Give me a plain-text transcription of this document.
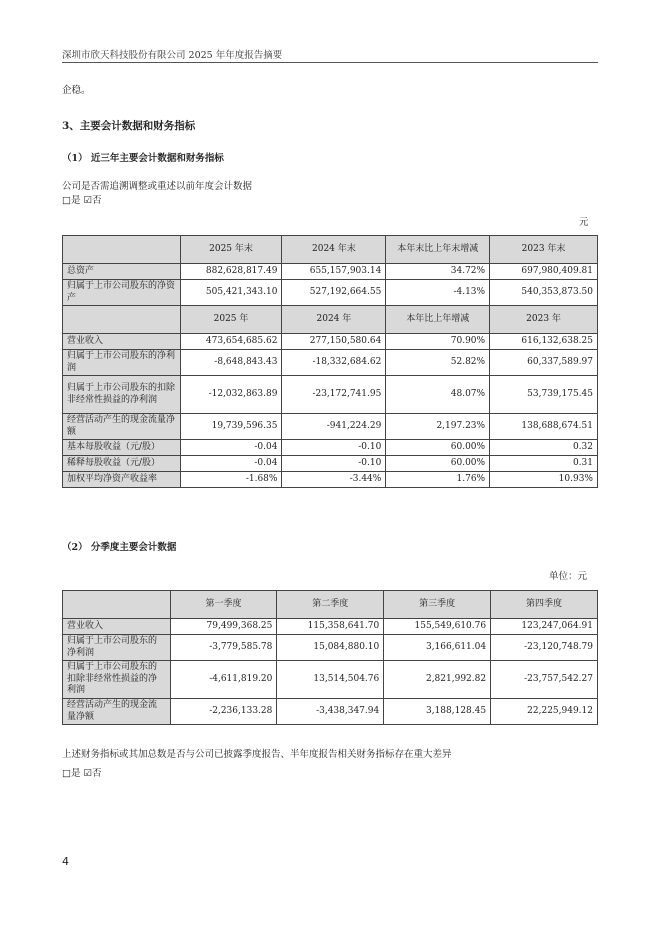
深圳市欣天科技股份有限公司 2025 年年度报告摘要
企稳。
3、主要会计数据和财务指标
（1） 近三年主要会计数据和财务指标
公司是否需追溯调整或重述以前年度会计数据
□是 ☑否
元
	2025 年末	2024 年末	本年末比上年末增减	2023 年末
总资产	882,628,817.49	655,157,903.14	34.72%	697,980,409.81
归属于上市公司股东的净资产	505,421,343.10	527,192,664.55	-4.13%	540,353,873.50
	2025 年	2024 年	本年比上年增减	2023 年
营业收入	473,654,685.62	277,150,580.64	70.90%	616,132,638.25
归属于上市公司股东的净利润	-8,648,843.43	-18,332,684.62	52.82%	60,337,589.97
归属于上市公司股东的扣除非经常性损益的净利润	-12,032,863.89	-23,172,741.95	48.07%	53,739,175.45
经营活动产生的现金流量净额	19,739,596.35	-941,224.29	2,197.23%	138,688,674.51
基本每股收益（元/股）	-0.04	-0.10	60.00%	0.32
稀释每股收益（元/股）	-0.04	-0.10	60.00%	0.31
加权平均净资产收益率	-1.68%	-3.44%	1.76%	10.93%
（2） 分季度主要会计数据
单位：元
	第一季度	第二季度	第三季度	第四季度
营业收入	79,499,368.25	115,358,641.70	155,549,610.76	123,247,064.91
归属于上市公司股东的净利润	-3,779,585.78	15,084,880.10	3,166,611.04	-23,120,748.79
归属于上市公司股东的扣除非经常性损益的净利润	-4,611,819.20	13,514,504.76	2,821,992.82	-23,757,542.27
经营活动产生的现金流量净额	-2,236,133.28	-3,438,347.94	3,188,128.45	22,225,949.12
上述财务指标或其加总数是否与公司已披露季度报告、半年度报告相关财务指标存在重大差异
□是 ☑否
4
